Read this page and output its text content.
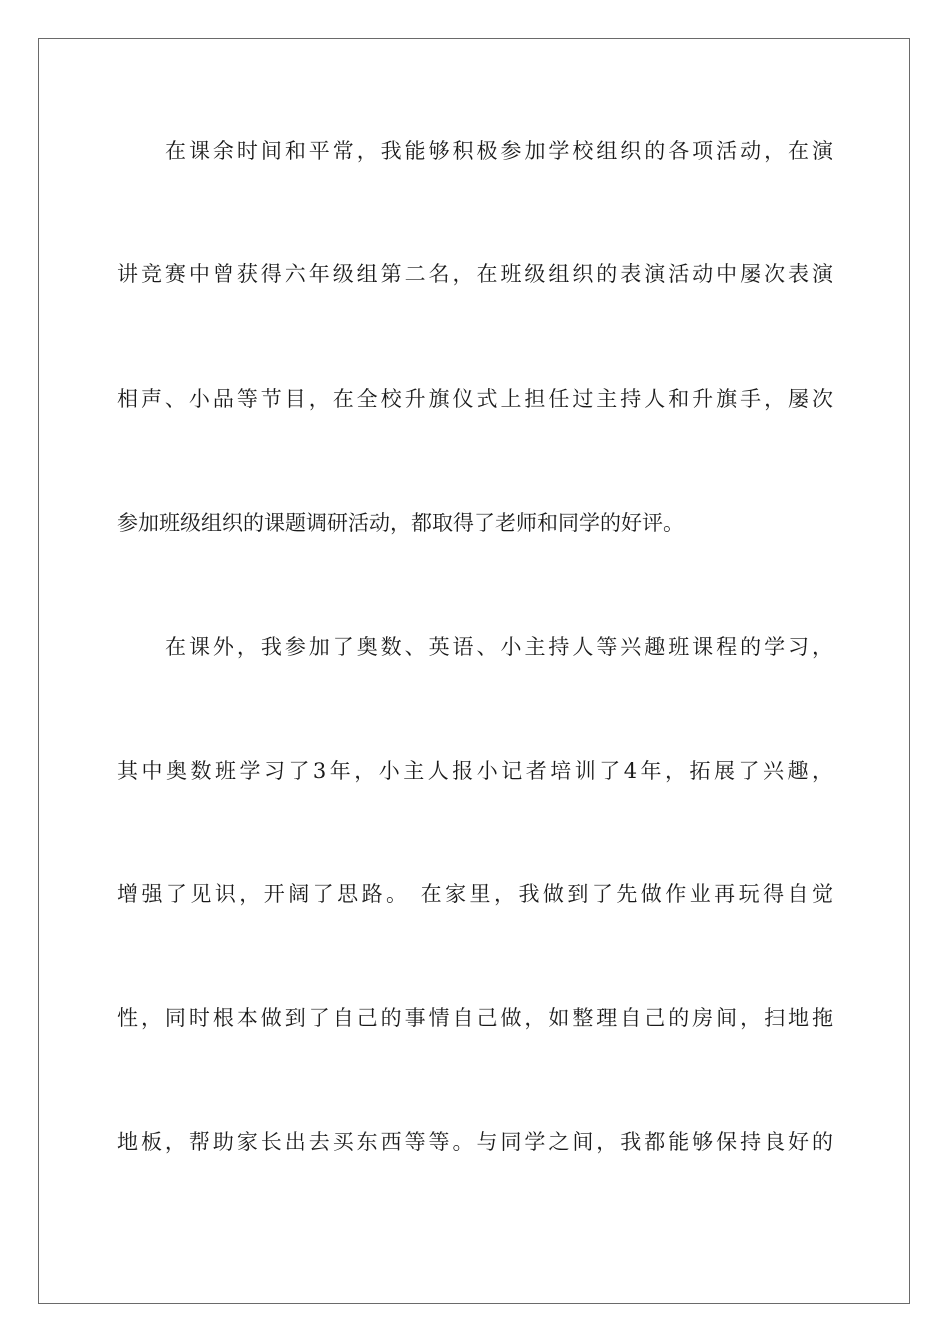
在课余时间和平常，我能够积极参加学校组织的各项活动，在演

讲竞赛中曾获得六年级组第二名，在班级组织的表演活动中屡次表演

相声、小品等节目，在全校升旗仪式上担任过主持人和升旗手，屡次

参加班级组织的课题调研活动，都取得了老师和同学的好评。

在课外，我参加了奥数、英语、小主持人等兴趣班课程的学习，

其中奥数班学习了3年，小主人报小记者培训了4年，拓展了兴趣，

增强了见识，开阔了思路。 在家里，我做到了先做作业再玩得自觉

性，同时根本做到了自己的事情自己做，如整理自己的房间，扫地拖

地板，帮助家长出去买东西等等。与同学之间，我都能够保持良好的
